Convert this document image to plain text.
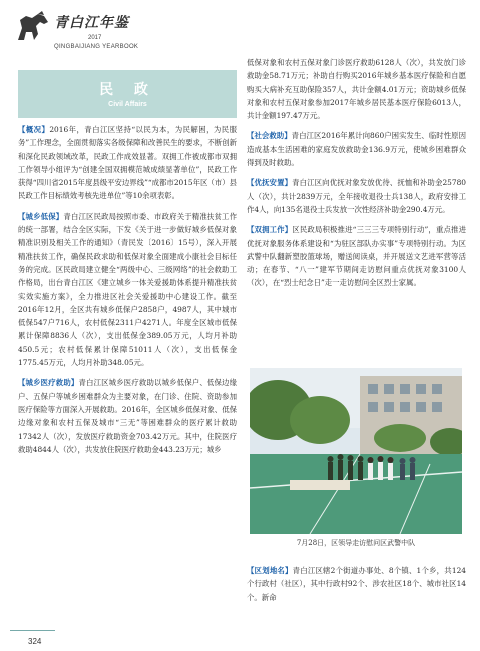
青白江年鉴
2017
QINGBAIJIANG YEARBOOK
民 政
Civil Affairs

【概况】2016年，青白江区坚持“以民为本，为民解困，为民服务”工作理念，全面贯彻落实各级保障和改善民生的要求，不断创新和深化民政领域改革，民政工作成效显著。双拥工作被成都市双拥工作领导小组评为“创建全国双拥模范城成绩显著单位”，民政工作获得“四川省2015年度县级平安边界线”“成都市2015年区（市）县民政工作目标绩效考核先进单位”等10余项表彰。

【城乡低保】青白江区民政局按照市委、市政府关于精准扶贫工作的统一部署，结合全区实际，下发《关于进一步做好城乡低保对象精准识别及相关工作的通知》（青民发〔2016〕15号），深入开展精准扶贫工作，确保民政求助和低保对象全面建成小康社会目标任务的完成。区民政局建立健全“两级中心、三级网络”的社会救助工作格局，出台青白江区《建立城乡一体关爱援助体系提升精准扶贫实效实施方案》，全力推进区社会关爱援助中心建设工作。截至2016年12月，全区共有城乡低保户2858户，4987人，其中城市低保547户716人，农村低保2311户4271人。年度全区城市低保累计保障8836人（次），支出低保金389.05万元，人均月补助450.5元；农村低保累计保障51011人（次），支出低保金1775.45万元，人均月补助348.05元。

【城乡医疗救助】青白江区城乡医疗救助以城乡低保户、低保边缘户、五保户等城乡困难群众为主要对象，在门诊、住院、资助参加医疗保险等方面深入开展救助。2016年，全区城乡低保对象、低保边缘对象和农村五保及城市“三无”等困难群众的医疗累计救助17342人（次），发放医疗救助资金703.42万元。其中，住院医疗救助4844人（次），共发放住院医疗救助金443.23万元；城乡

低保对象和农村五保对象门诊医疗救助6128人（次），共发放门诊救助金58.71万元；补助自行购买2016年城乡基本医疗保险和自愿购买大病补充互助保险357人，共计金额4.01万元；资助城乡低保对象和农村五保对象参加2017年城乡居民基本医疗保险6013人，共计金额197.47万元。

【社会救助】青白江区2016年累计向860户困实发生、临时性原因造成基本生活困难的家庭发放救助金136.9万元，使城乡困难群众得到及时救助。

【优抚安置】青白江区向优抚对象发放优待、抚恤和补助金25780人（次），共计2839万元，全年接收退役士兵138人，政府安排工作4人，向135名退役士兵发放一次性经济补助金290.4万元。

【双拥工作】区民政局积极推进“三三三专项特别行动”，重点推进优抚对象服务体系建设和“为驻区部队办实事”专项特别行动。为区武警中队翻新塑胶篮球场，赠送阅读桌，并开展送文艺进军营等活动；在春节、“八一”建军节期间走访慰问重点优抚对象3100人（次），在“烈士纪念日”走一走访慰问全区烈士家属。

7月28日，区领导走访慰问区武警中队

【区划地名】青白江区辖2个街道办事处、8个镇、1个乡，共124个行政村（社区），其中行政村92个、涉农社区18个、城市社区14个。新命

324
